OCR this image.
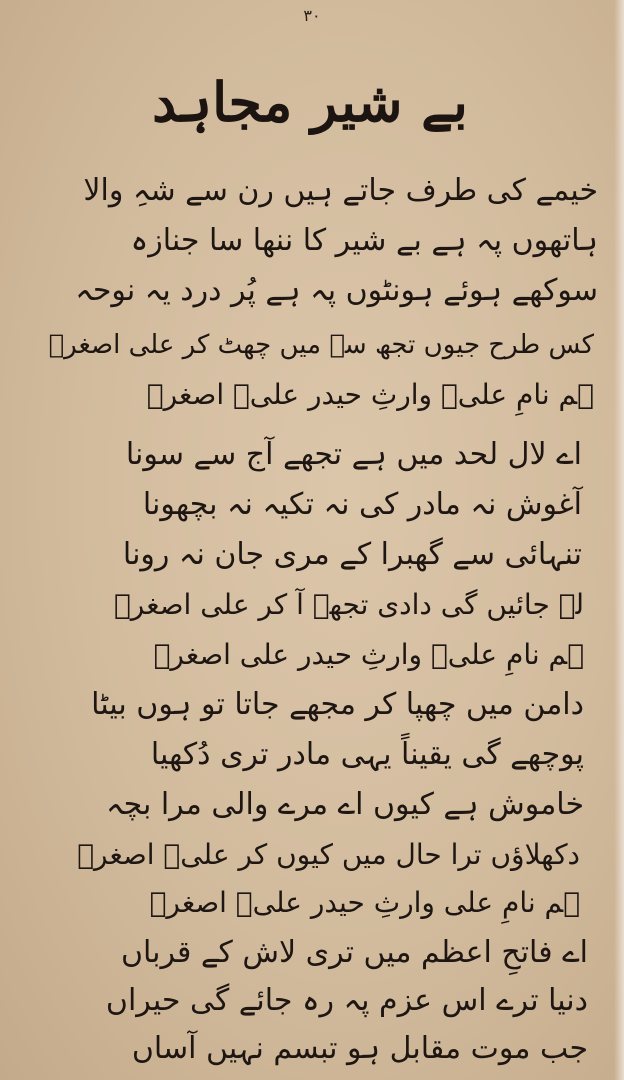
۳۰
بے شیر مجاہد
خیمے کی طرف جاتے ہیں رن سے شہِ والا
ہاتھوں پہ ہے بے شیر کا ننھا سا جنازہ
سوکھے ہوئے ہونٹوں پہ ہے پُر درد یہ نوحہ
کس طرح جیوں تجھ سے میں چھٹ کر علی اصغرؑ
ہم نامِ علیؑ وارثِ حیدر علیؑ اصغرؑ
اے لال لحد میں ہے تجھے آج سے سونا
آغوش نہ مادر کی نہ تکیہ نہ بچھونا
تنہائی سے گھبرا کے مری جان نہ رونا
لے جائیں گی دادی تجھے آ کر علی اصغرؑ
ہم نامِ علیؑ وارثِ حیدر علی اصغرؑ
دامن میں چھپا کر مجھے جاتا تو ہوں بیٹا
پوچھے گی یقیناً یہی مادر تری دُکھیا
خاموش ہے کیوں اے مرے والی مرا بچہ
دکھلاؤں ترا حال میں کیوں کر علیؑ اصغرؑ
ہم نامِ علی وارثِ حیدر علیؑ اصغرؑ
اے فاتحِ اعظم میں تری لاش کے قرباں
دنیا ترے اس عزم پہ رہ جائے گی حیراں
جب موت مقابل ہو تبسم نہیں آساں
